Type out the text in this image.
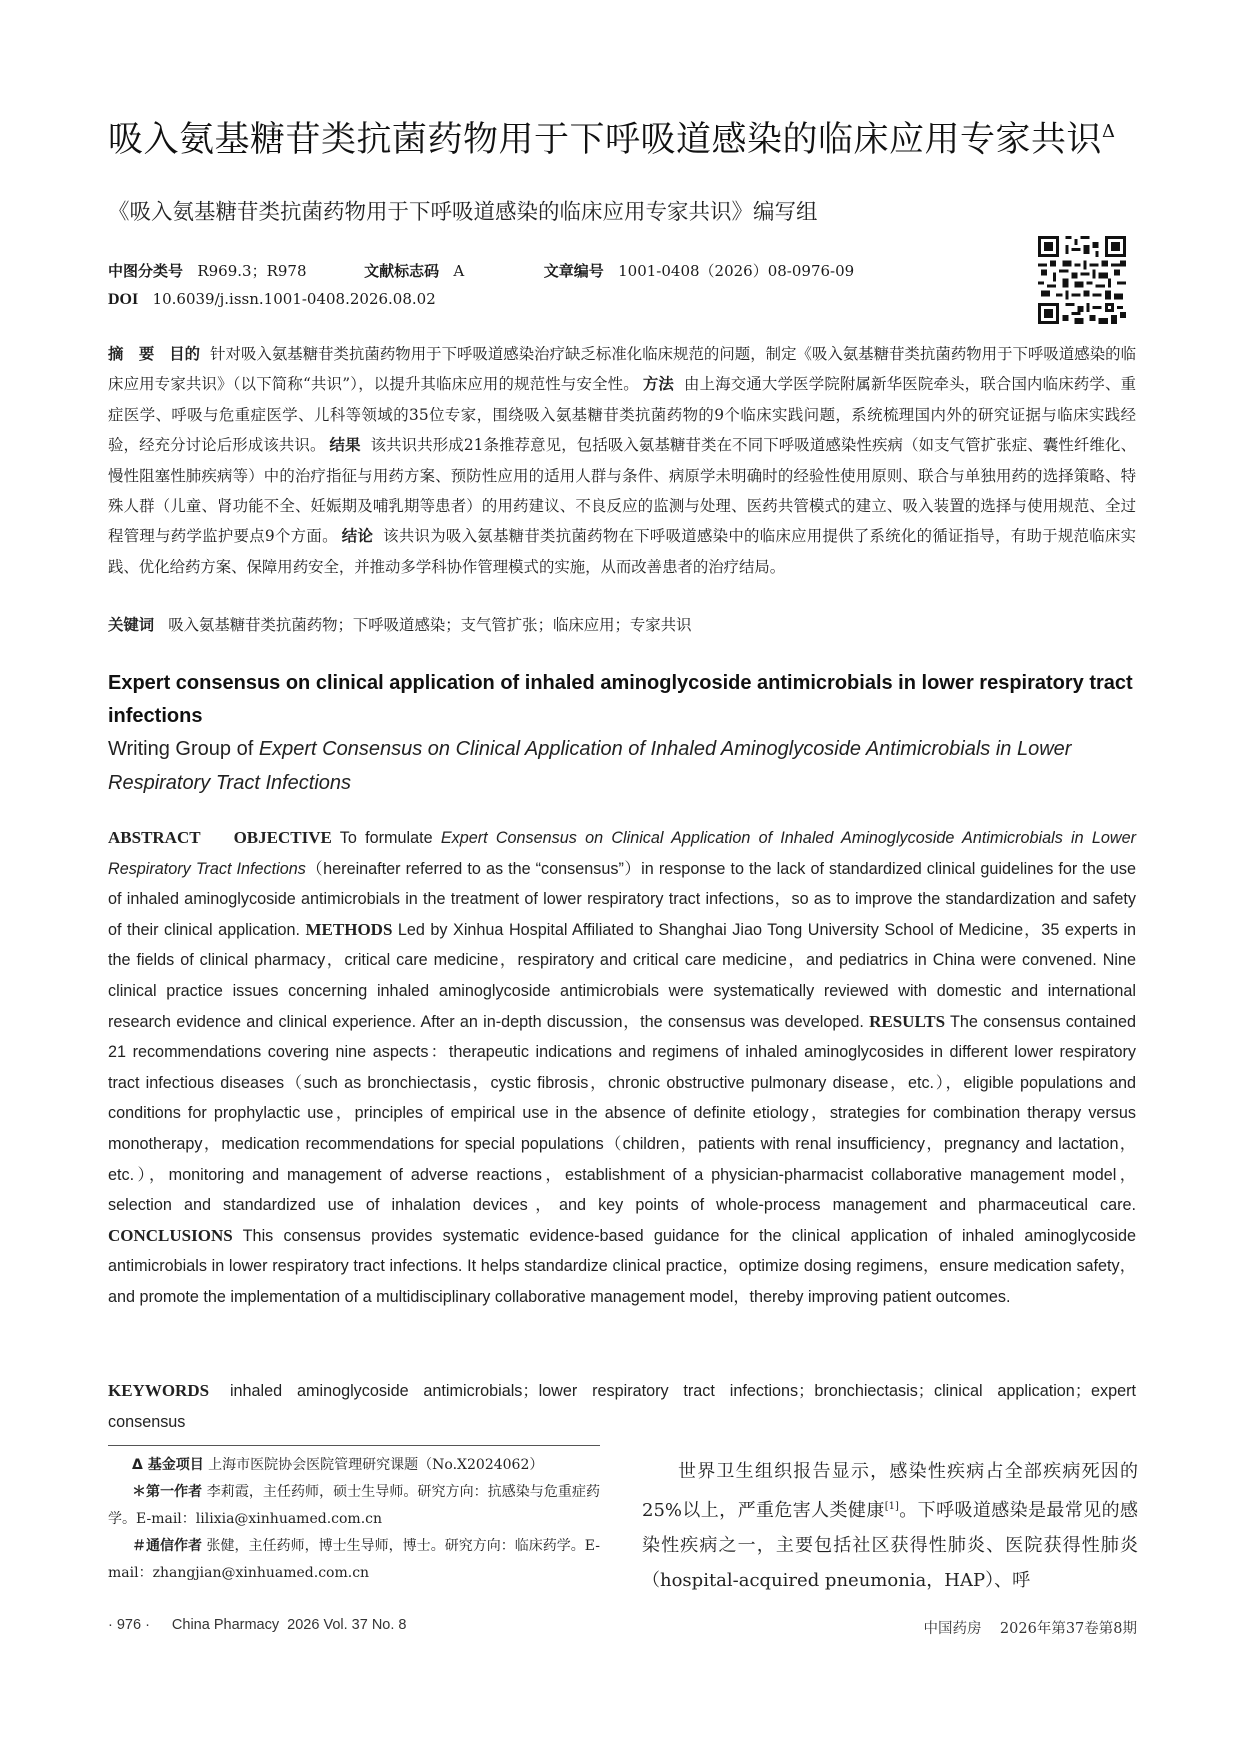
吸入氨基糖苷类抗菌药物用于下呼吸道感染的临床应用专家共识$^\Delta$
《吸入氨基糖苷类抗菌药物用于下呼吸道感染的临床应用专家共识》编写组
中图分类号 R969.3；R978	文献标志码 A	文章编号 1001-0408（2026）08-0976-09
DOI 10.6039/j.issn.1001-0408.2026.08.02
摘　要 目的 针对吸入氨基糖苷类抗菌药物用于下呼吸道感染治疗缺乏标准化临床规范的问题，制定《吸入氨基糖苷类抗菌药物用于下呼吸道感染的临床应用专家共识》（以下简称“共识”），以提升其临床应用的规范性与安全性。 方法 由上海交通大学医学院附属新华医院牵头，联合国内临床药学、重症医学、呼吸与危重症医学、儿科等领域的35位专家，围绕吸入氨基糖苷类抗菌药物的9个临床实践问题，系统梳理国内外的研究证据与临床实践经验，经充分讨论后形成该共识。 结果 该共识共形成21条推荐意见，包括吸入氨基糖苷类在不同下呼吸道感染性疾病（如支气管扩张症、囊性纤维化、慢性阻塞性肺疾病等）中的治疗指征与用药方案、预防性应用的适用人群与条件、病原学未明确时的经验性使用原则、联合与单独用药的选择策略、特殊人群（儿童、肾功能不全、妊娠期及哺乳期等患者）的用药建议、不良反应的监测与处理、医药共管模式的建立、吸入装置的选择与使用规范、全过程管理与药学监护要点9个方面。 结论 该共识为吸入氨基糖苷类抗菌药物在下呼吸道感染中的临床应用提供了系统化的循证指导，有助于规范临床实践、优化给药方案、保障用药安全，并推动多学科协作管理模式的实施，从而改善患者的治疗结局。
关键词 吸入氨基糖苷类抗菌药物；下呼吸道感染；支气管扩张；临床应用；专家共识
Expert consensus on clinical application of inhaled aminoglycoside antimicrobials in lower respiratory tract infections
Writing Group of Expert Consensus on Clinical Application of Inhaled Aminoglycoside Antimicrobials in Lower Respiratory Tract Infections
ABSTRACT OBJECTIVE To formulate Expert Consensus on Clinical Application of Inhaled Aminoglycoside Antimicrobials in Lower Respiratory Tract Infections（hereinafter referred to as the “consensus”）in response to the lack of standardized clinical guidelines for the use of inhaled aminoglycoside antimicrobials in the treatment of lower respiratory tract infections，so as to improve the standardization and safety of their clinical application. METHODS Led by Xinhua Hospital Affiliated to Shanghai Jiao Tong University School of Medicine，35 experts in the fields of clinical pharmacy，critical care medicine，respiratory and critical care medicine，and pediatrics in China were convened. Nine clinical practice issues concerning inhaled aminoglycoside antimicrobials were systematically reviewed with domestic and international research evidence and clinical experience. After an in-depth discussion，the consensus was developed. RESULTS The consensus contained 21 recommendations covering nine aspects：therapeutic indications and regimens of inhaled aminoglycosides in different lower respiratory tract infectious diseases（such as bronchiectasis，cystic fibrosis，chronic obstructive pulmonary disease，etc.），eligible populations and conditions for prophylactic use，principles of empirical use in the absence of definite etiology，strategies for combination therapy versus monotherapy，medication recommendations for special populations（children，patients with renal insufficiency，pregnancy and lactation，etc.），monitoring and management of adverse reactions，establishment of a physician-pharmacist collaborative management model，selection and standardized use of inhalation devices，and key points of whole-process management and pharmaceutical care. CONCLUSIONS This consensus provides systematic evidence-based guidance for the clinical application of inhaled aminoglycoside antimicrobials in lower respiratory tract infections. It helps standardize clinical practice，optimize dosing regimens，ensure medication safety，and promote the implementation of a multidisciplinary collaborative management model，thereby improving patient outcomes.
KEYWORDS inhaled aminoglycoside antimicrobials；lower respiratory tract infections；bronchiectasis；clinical application；expert consensus
Δ 基金项目 上海市医院协会医院管理研究课题（No.X2024062）
＊第一作者 李莉霞，主任药师，硕士生导师。研究方向：抗感染与危重症药学。E-mail：lilixia@xinhuamed.com.cn
＃通信作者 张健，主任药师，博士生导师，博士。研究方向：临床药学。E-mail：zhangjian@xinhuamed.com.cn

世界卫生组织报告显示，感染性疾病占全部疾病死因的25%以上，严重危害人类健康[1]。下呼吸道感染是最常见的感染性疾病之一，主要包括社区获得性肺炎、医院获得性肺炎（hospital-acquired pneumonia，HAP）、呼

· 976 · China Pharmacy 2026 Vol. 37 No. 8	中国药房 2026年第37卷第8期
